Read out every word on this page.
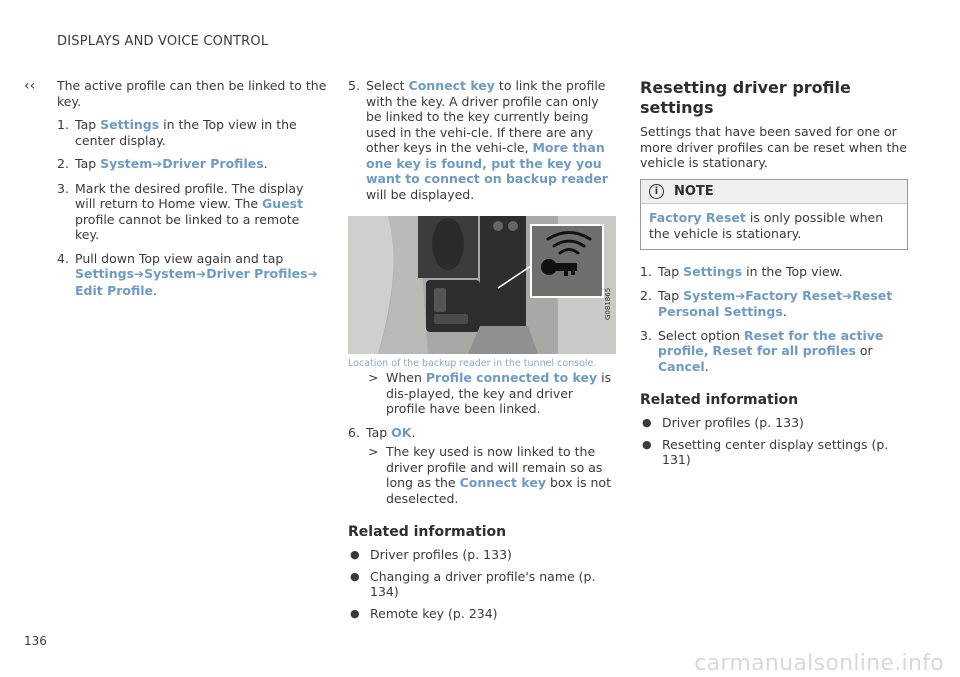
DISPLAYS AND VOICE CONTROL
‹‹
136

The active profile can then be linked to the key.

1. Tap Settings in the Top view in the center display.
2. Tap System➔Driver Profiles.
3. Mark the desired profile. The display will return to Home view. The Guest profile cannot be linked to a remote key.
4. Pull down Top view again and tap
Settings➔System➔Driver Profiles➔ Edit Profile.
5. Select Connect key to link the profile with the key. A driver profile can only be linked to the key currently being used in the vehi-cle. If there are any other keys in the vehi-cle, More than one key is found, put the key you want to connect on backup reader will be displayed.
G081865
Location of the backup reader in the tunnel console.
> When Profile connected to key is dis-played, the key and driver profile have been linked.
6. Tap OK.
> The key used is now linked to the driver profile and will remain so as long as the Connect key box is not deselected.
Related information
● Driver profiles (p. 133)
● Changing a driver profile's name (p. 134)
● Remote key (p. 234)
Resetting driver profile settings

Settings that have been saved for one or more driver profiles can be reset when the vehicle is stationary.

i	NOTE
Factory Reset is only possible when the vehicle is stationary.
1. Tap Settings in the Top view.
2. Tap System➔Factory Reset➔Reset Personal Settings.
3. Select option Reset for the active profile, Reset for all profiles or Cancel.
Related information
● Driver profiles (p. 133)
● Resetting center display settings (p. 131)
carmanualsonline.info
